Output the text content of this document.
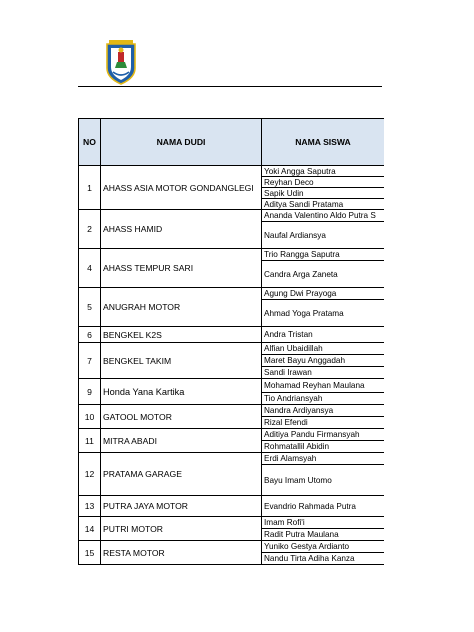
NO	NAMA DUDI	NAMA SISWA
1	AHASS ASIA MOTOR GONDANGLEGI	Yoki Angga Saputra
		Reyhan Deco
		Sapik Udin
		Aditya Sandi Pratama
2	AHASS HAMID	Ananda Valentino Aldo Putra S
		Naufal Ardiansya
4	AHASS TEMPUR SARI	Trio Rangga Saputra
		Candra Arga Zaneta
5	ANUGRAH MOTOR	Agung Dwi Prayoga
		Ahmad Yoga Pratama
6	BENGKEL K2S	Andra Tristan
7	BENGKEL TAKIM	Alfian Ubaidillah
		Maret Bayu Anggadah
		Sandi Irawan
9	Honda Yana Kartika	Mohamad Reyhan Maulana
		Tio Andriansyah
10	GATOOL MOTOR	Nandra Ardiyansya
		Rizal Efendi
11	MITRA ABADI	Aditiya Pandu Firmansyah
		Rohmatallil Abidin
12	PRATAMA GARAGE	Erdi Alamsyah
		Bayu Imam Utomo
13	PUTRA JAYA MOTOR	Evandrio Rahmada Putra
14	PUTRI MOTOR	Imam Rofi'i
		Radit Putra Maulana
15	RESTA MOTOR	Yuniko Gestya Ardianto
		Nandu Tirta Adiha Kanza
